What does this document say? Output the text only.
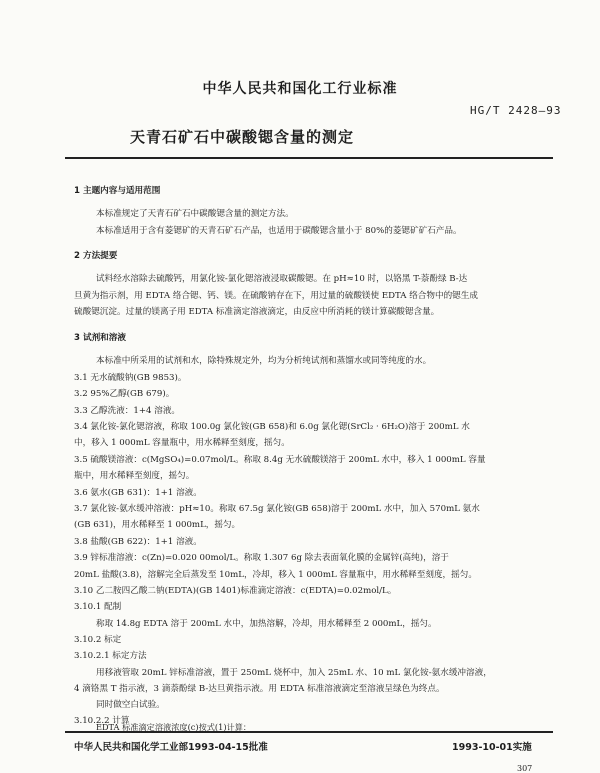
中华人民共和国化工行业标准
HG/T 2428—93
天青石矿石中碳酸锶含量的测定
1 主题内容与适用范围
本标准规定了天青石矿石中碳酸锶含量的测定方法。
本标准适用于含有菱锶矿的天青石矿石产品，也适用于碳酸锶含量小于 80%的菱锶矿矿石产品。
2 方法提要
试料经水溶除去硫酸钙，用氯化铵-氯化锶溶液浸取碳酸锶。在 pH≈10 时，以铬黑 T-萘酚绿 B-达
旦黄为指示剂，用 EDTA 络合锶、钙、镁。在硫酸钠存在下，用过量的硫酸镁使 EDTA 络合物中的锶生成
硫酸锶沉淀。过量的镁离子用 EDTA 标准滴定溶液滴定，由反应中所消耗的镁计算碳酸锶含量。
3 试剂和溶液
本标准中所采用的试剂和水，除特殊规定外，均为分析纯试剂和蒸馏水或同等纯度的水。
3.1 无水硫酸钠(GB 9853)。
3.2 95%乙醇(GB 679)。
3.3 乙醇洗液：1+4 溶液。
3.4 氯化铵-氯化锶溶液，称取 100.0g 氯化铵(GB 658)和 6.0g 氯化锶(SrCl₂ · 6H₂O)溶于 200mL 水
中，移入 1 000mL 容量瓶中，用水稀释至刻度，摇匀。
3.5 硫酸镁溶液：c(MgSO₄)=0.07mol/L。称取 8.4g 无水硫酸镁溶于 200mL 水中，移入 1 000mL 容量
瓶中，用水稀释至刻度，摇匀。
3.6 氨水(GB 631)：1+1 溶液。
3.7 氯化铵-氨水缓冲溶液：pH≈10。称取 67.5g 氯化铵(GB 658)溶于 200mL 水中，加入 570mL 氨水
(GB 631)，用水稀释至 1 000mL，摇匀。
3.8 盐酸(GB 622)：1+1 溶液。
3.9 锌标准溶液：c(Zn)=0.020 00mol/L。称取 1.307 6g 除去表面氧化膜的金属锌(高纯)，溶于
20mL 盐酸(3.8)，溶解完全后蒸发至 10mL，冷却，移入 1 000mL 容量瓶中，用水稀释至刻度，摇匀。
3.10 乙二胺四乙酸二钠(EDTA)(GB 1401)标准滴定溶液：c(EDTA)=0.02mol/L。
3.10.1 配制
称取 14.8g EDTA 溶于 200mL 水中，加热溶解，冷却，用水稀释至 2 000mL，摇匀。
3.10.2 标定
3.10.2.1 标定方法
用移液管取 20mL 锌标准溶液，置于 250mL 烧杯中，加入 25mL 水、10 mL 氯化铵-氨水缓冲溶液，
4 滴铬黑 T 指示液，3 滴萘酚绿 B-达旦黄指示液。用 EDTA 标准溶液滴定至溶液呈绿色为终点。
同时做空白试验。
3.10.2.2 计算
EDTA 标准滴定溶液浓度(c)按式(1)计算：
中华人民共和国化学工业部1993-04-15批准	1993-10-01实施
307
